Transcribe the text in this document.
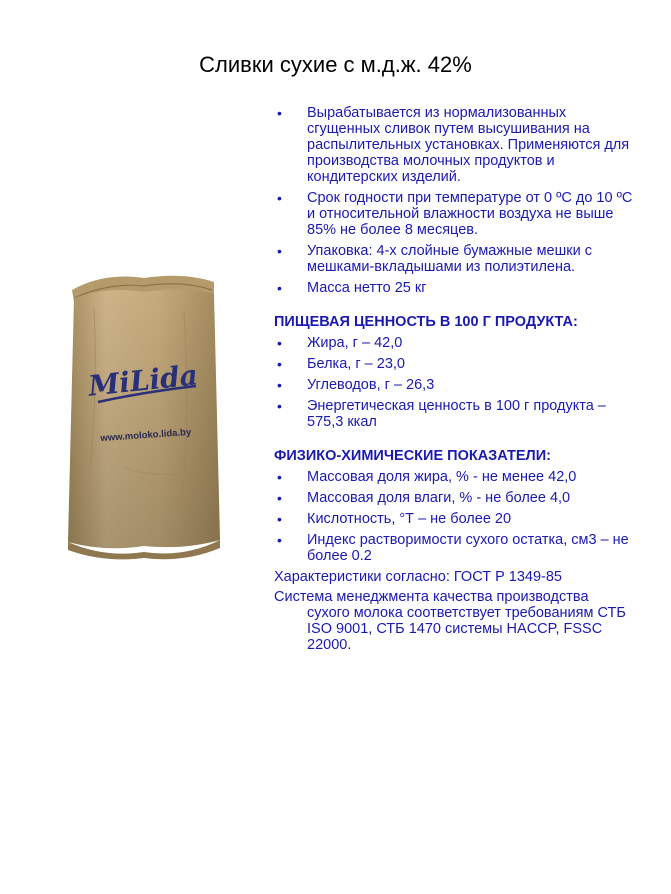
Сливки сухие с м.д.ж. 42%
MiLida
www.moloko.lida.by
• Вырабатывается из нормализованных сгущенных сливок путем высушивания на распылительных установках. Применяются для производства молочных продуктов и кондитерских изделий.
• Срок годности при температуре от 0 ºС до 10 ºС и относительной влажности воздуха не выше 85% не более 8 месяцев.
• Упаковка: 4-х слойные бумажные мешки с мешками-вкладышами из полиэтилена.
• Масса нетто 25 кг
ПИЩЕВАЯ ЦЕННОСТЬ В 100 Г ПРОДУКТА:
• Жира, г – 42,0
• Белка, г – 23,0
• Углеводов, г – 26,3
• Энергетическая ценность в 100 г продукта – 575,3 ккал
ФИЗИКО-ХИМИЧЕСКИЕ ПОКАЗАТЕЛИ:
• Массовая доля жира, % - не менее 42,0
• Массовая доля влаги, % - не более 4,0
• Кислотность, °Т – не более 20
• Индекс растворимости сухого остатка, см3 – не более 0.2
Характеристики согласно: ГОСТ Р 1349-85
Система менеджмента качества производства сухого молока соответствует требованиям СТБ ISO 9001, СТБ 1470 системы HACCP, FSSC 22000.
